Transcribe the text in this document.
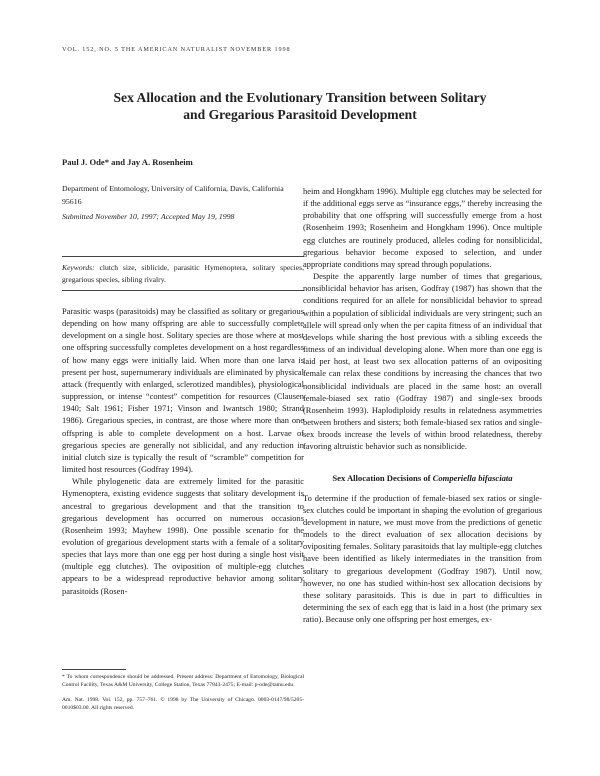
VOL. 152, NO. 5 THE AMERICAN NATURALIST NOVEMBER 1998
Sex Allocation and the Evolutionary Transition between Solitary
and Gregarious Parasitoid Development
Paul J. Ode* and Jay A. Rosenheim
Department of Entomology, University of California, Davis, California 95616
Submitted November 10, 1997; Accepted May 19, 1998
Keywords: clutch size, siblicide, parasitic Hymenoptera, solitary species, gregarious species, sibling rivalry.

Parasitic wasps (parasitoids) may be classified as solitary or gregarious depending on how many offspring are able to successfully complete development on a single host. Solitary species are those where at most one offspring successfully completes development on a host regardless of how many eggs were initially laid. When more than one larva is present per host, supernumerary individuals are eliminated by physical attack (frequently with enlarged, sclerotized mandibles), physiological suppression, or intense “contest” competition for resources (Clausen 1940; Salt 1961; Fisher 1971; Vinson and Iwantsch 1980; Strand 1986). Gregarious species, in contrast, are those where more than one offspring is able to complete development on a host. Larvae of gregarious species are generally not siblicidal, and any reduction in initial clutch size is typically the result of “scramble” competition for limited host resources (Godfray 1994).

While phylogenetic data are extremely limited for the parasitic Hymenoptera, existing evidence suggests that solitary development is ancestral to gregarious development and that the transition to gregarious development has occurred on numerous occasions (Rosenheim 1993; Mayhew 1998). One possible scenario for the evolution of gregarious development starts with a female of a solitary species that lays more than one egg per host during a single host visit (multiple egg clutches). The oviposition of multiple-egg clutches appears to be a widespread reproductive behavior among solitary parasitoids (Rosen-

* To whom correspondence should be addressed. Present address: Department of Entomology, Biological Control Facility, Texas A&M University, College Station, Texas 77843-2475; E-mail: p-ode@tamu.edu.

Am. Nat. 1998. Vol. 152, pp. 757–761. © 1998 by The University of Chicago. 0003-0147/98/5205-0010$03.00. All rights reserved.

heim and Hongkham 1996). Multiple egg clutches may be selected for if the additional eggs serve as “insurance eggs,” thereby increasing the probability that one offspring will successfully emerge from a host (Rosenheim 1993; Rosenheim and Hongkham 1996). Once multiple egg clutches are routinely produced, alleles coding for nonsiblicidal, gregarious behavior become exposed to selection, and under appropriate conditions may spread through populations.

Despite the apparently large number of times that gregarious, nonsiblicidal behavior has arisen, Godfray (1987) has shown that the conditions required for an allele for nonsiblicidal behavior to spread within a population of siblicidal individuals are very stringent; such an allele will spread only when the per capita fitness of an individual that develops while sharing the host previous with a sibling exceeds the fitness of an individual developing alone. When more than one egg is laid per host, at least two sex allocation patterns of an ovipositing female can relax these conditions by increasing the chances that two nonsiblicidal individuals are placed in the same host: an overall female-biased sex ratio (Godfray 1987) and single-sex broods (Rosenheim 1993). Haplodiploidy results in relatedness asymmetries between brothers and sisters; both female-biased sex ratios and single-sex broods increase the levels of within brood relatedness, thereby favoring altruistic behavior such as nonsiblicide.

Sex Allocation Decisions of Comperiella bifasciata

To determine if the production of female-biased sex ratios or single-sex clutches could be important in shaping the evolution of gregarious development in nature, we must move from the predictions of genetic models to the direct evaluation of sex allocation decisions by ovipositing females. Solitary parasitoids that lay multiple-egg clutches have been identified as likely intermediates in the transition from solitary to gregarious development (Godfray 1987). Until now, however, no one has studied within-host sex allocation decisions by these solitary parasitoids. This is due in part to difficulties in determining the sex of each egg that is laid in a host (the primary sex ratio). Because only one offspring per host emerges, ex-
